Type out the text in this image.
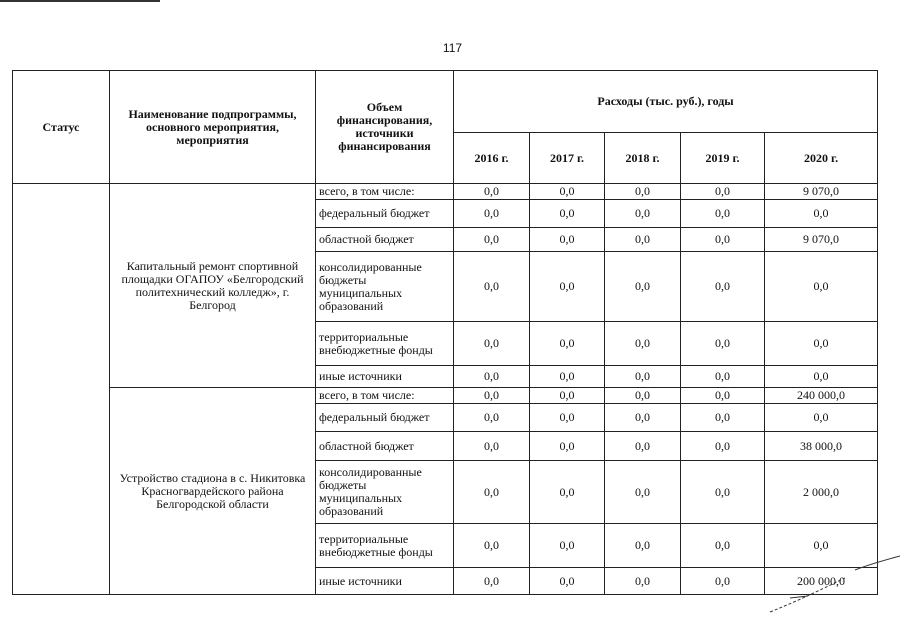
117
Статус	Наименование подпрограммы, основного мероприятия, мероприятия	Объем финансирования, источники финансирования	Расходы (тыс. руб.), годы				
			2016 г.	2017 г.	2018 г.	2019 г.	2020 г.
	Капитальный ремонт спортивной площадки ОГАПОУ «Белгородский политехнический колледж», г. Белгород	всего, в том числе:	0,0	0,0	0,0	0,0	9 070,0
		федеральный бюджет	0,0	0,0	0,0	0,0	0,0
		областной бюджет	0,0	0,0	0,0	0,0	9 070,0
		консолидированные бюджеты муниципальных образований	0,0	0,0	0,0	0,0	0,0
		территориальные внебюджетные фонды	0,0	0,0	0,0	0,0	0,0
		иные источники	0,0	0,0	0,0	0,0	0,0
	Устройство стадиона в с. Никитовка Красногвардейского района Белгородской области	всего, в том числе:	0,0	0,0	0,0	0,0	240 000,0
		федеральный бюджет	0,0	0,0	0,0	0,0	0,0
		областной бюджет	0,0	0,0	0,0	0,0	38 000,0
		консолидированные бюджеты муниципальных образований	0,0	0,0	0,0	0,0	2 000,0
		территориальные внебюджетные фонды	0,0	0,0	0,0	0,0	0,0
		иные источники	0,0	0,0	0,0	0,0	200 000,0
